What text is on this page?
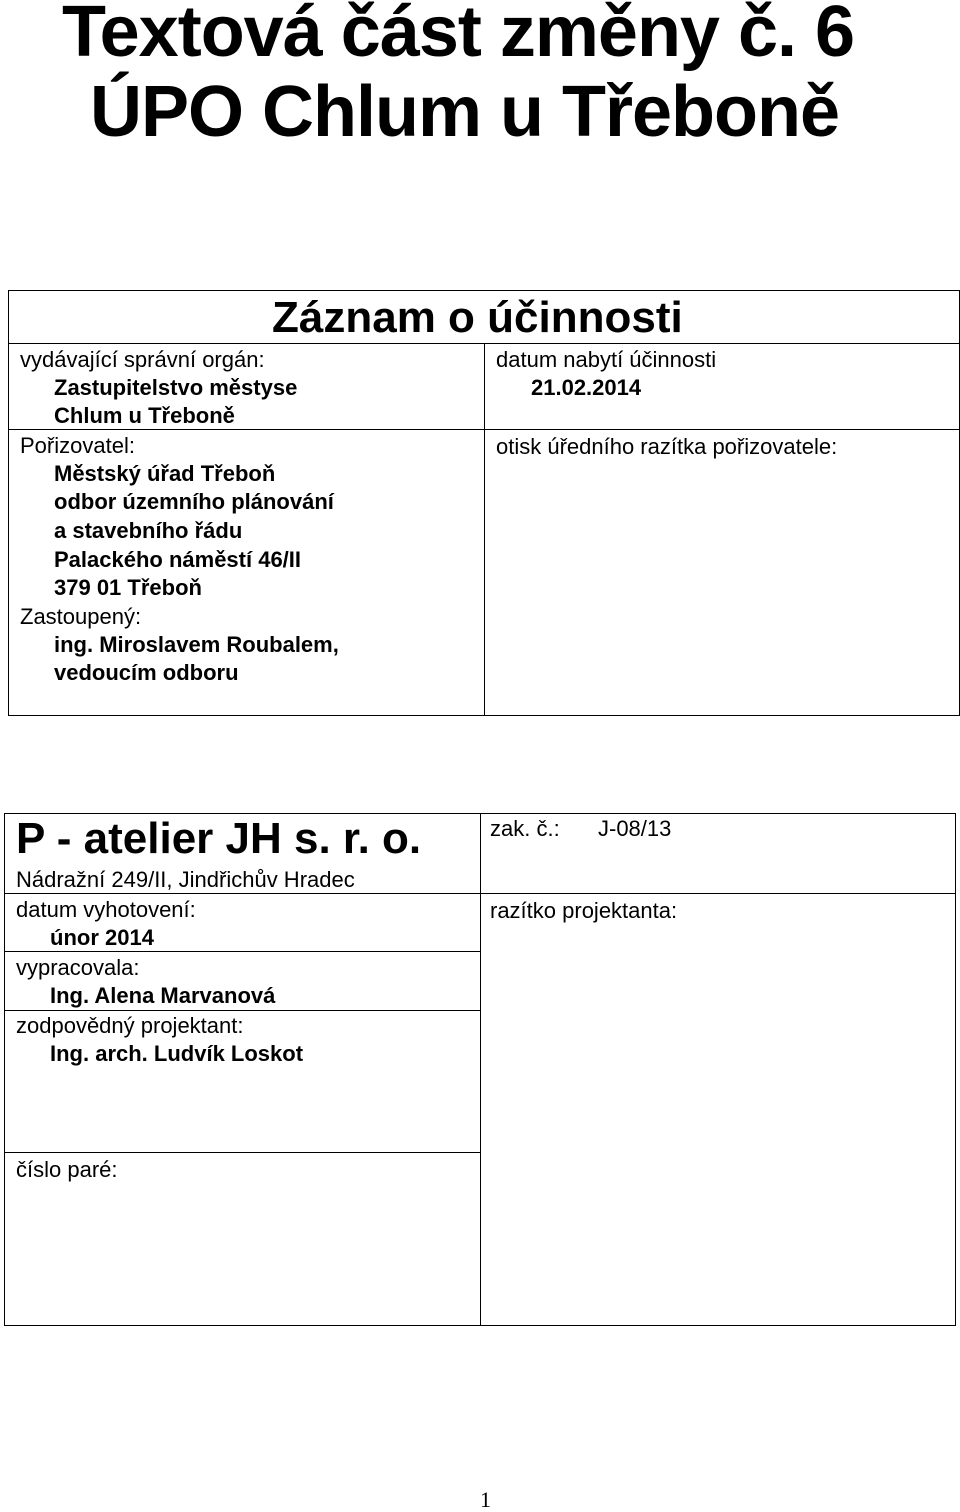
Textová část změny č. 6
ÚPO Chlum u Třeboně
Záznam o účinnosti
vydávající správní orgán:
Zastupitelstvo městyse
Chlum u Třeboně
Pořizovatel:
Městský úřad Třeboň
odbor územního plánování
a stavebního řádu
Palackého náměstí 46/II
379 01 Třeboň
Zastoupený:
ing. Miroslavem Roubalem,
vedoucím odboru
datum nabytí účinnosti
21.02.2014
otisk úředního razítka pořizovatele:
P - atelier JH s. r. o.
Nádražní 249/II, Jindřichův Hradec
datum vyhotovení:
únor 2014
vypracovala:
Ing. Alena Marvanová
zodpovědný projektant:
Ing. arch. Ludvík Loskot
číslo paré:
zak. č.: J-08/13
razítko projektanta:
1
